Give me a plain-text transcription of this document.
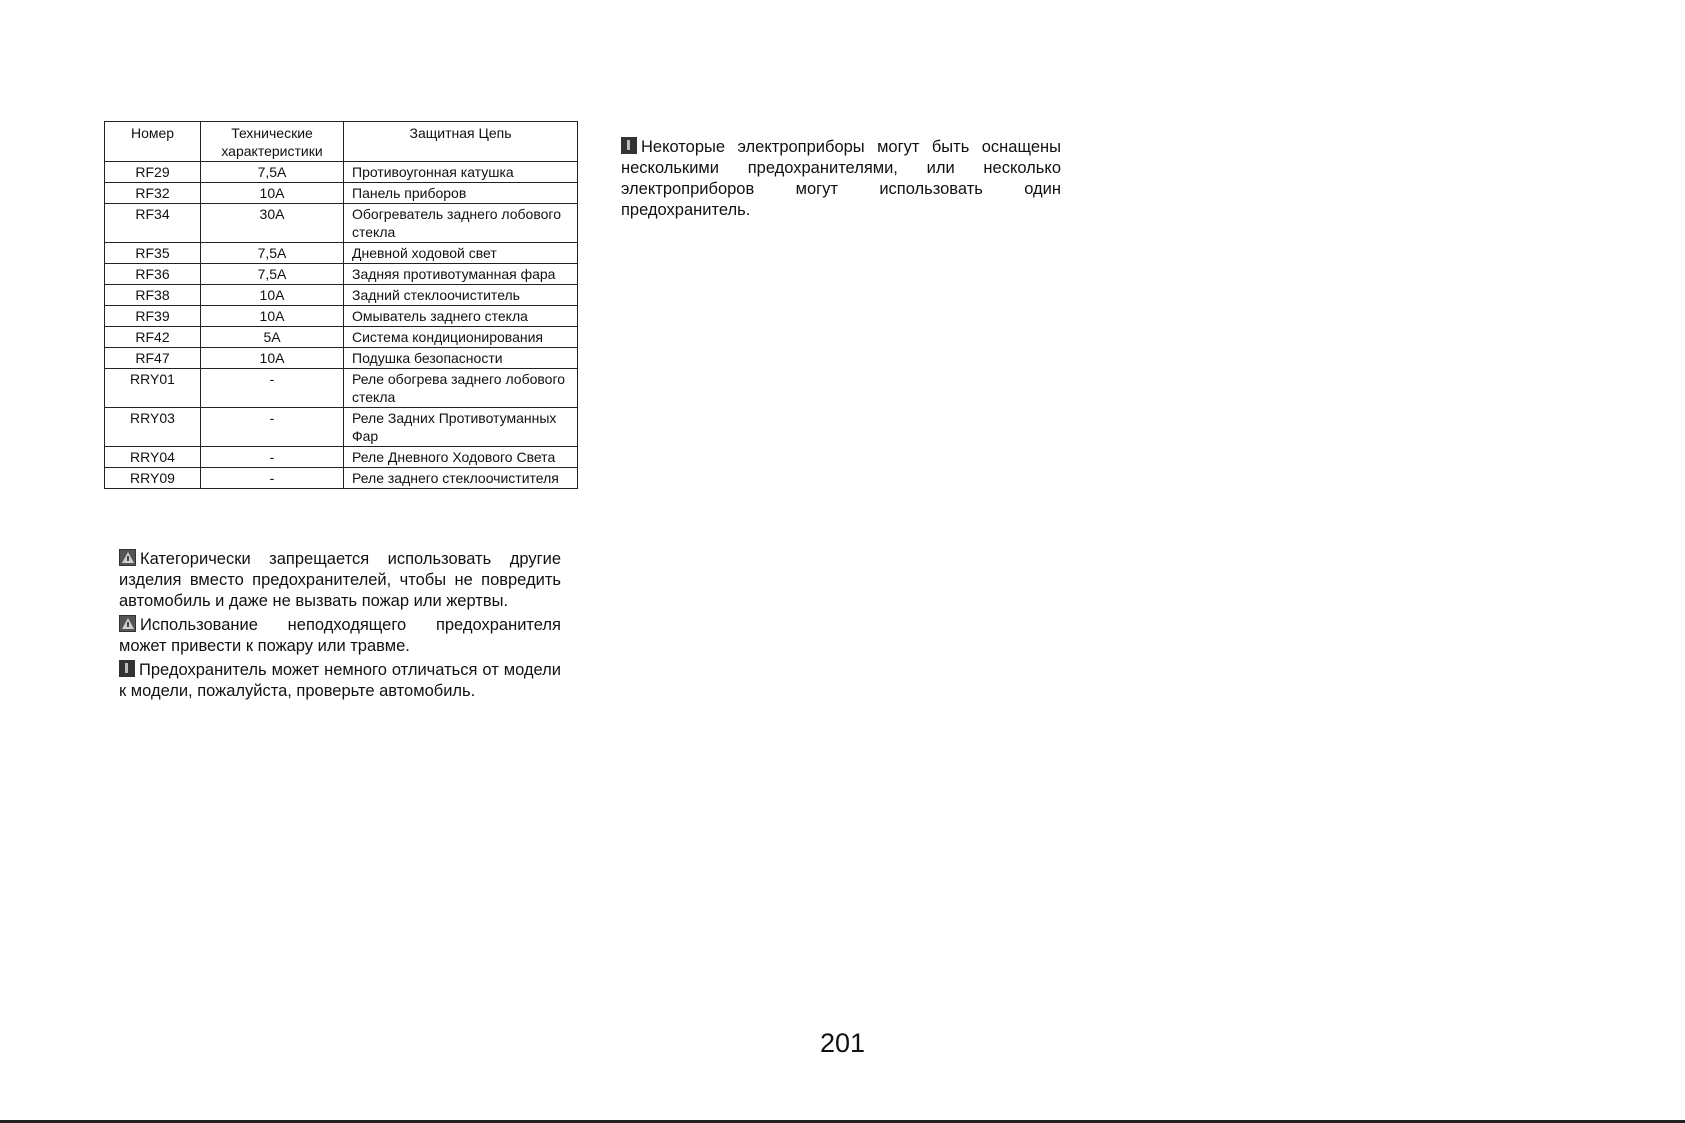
Номер	Технические характеристики	Защитная Цепь
RF29	7,5А	Противоугонная катушка
RF32	10А	Панель приборов
RF34	30А	Обогреватель заднего лобового стекла
RF35	7,5А	Дневной ходовой свет
RF36	7,5А	Задняя противотуманная фара
RF38	10А	Задний стеклоочиститель
RF39	10А	Омыватель заднего стекла
RF42	5А	Система кондиционирования
RF47	10А	Подушка безопасности
RRY01	-	Реле обогрева заднего лобового стекла
RRY03	-	Реле Задних Противотуманных Фар
RRY04	-	Реле Дневного Ходового Света
RRY09	-	Реле заднего стеклоочистителя

Категорически запрещается использовать другие изделия вместо предохранителей, чтобы не повредить автомобиль и даже не вызвать пожар или жертвы.

Использование неподходящего предохранителя может привести к пожару или травме.

Предохранитель может немного отличаться от модели к модели, пожалуйста, проверьте автомобиль.

Некоторые электроприборы могут быть оснащены несколькими предохранителями, или несколько электроприборов могут использовать один предохранитель.

201
